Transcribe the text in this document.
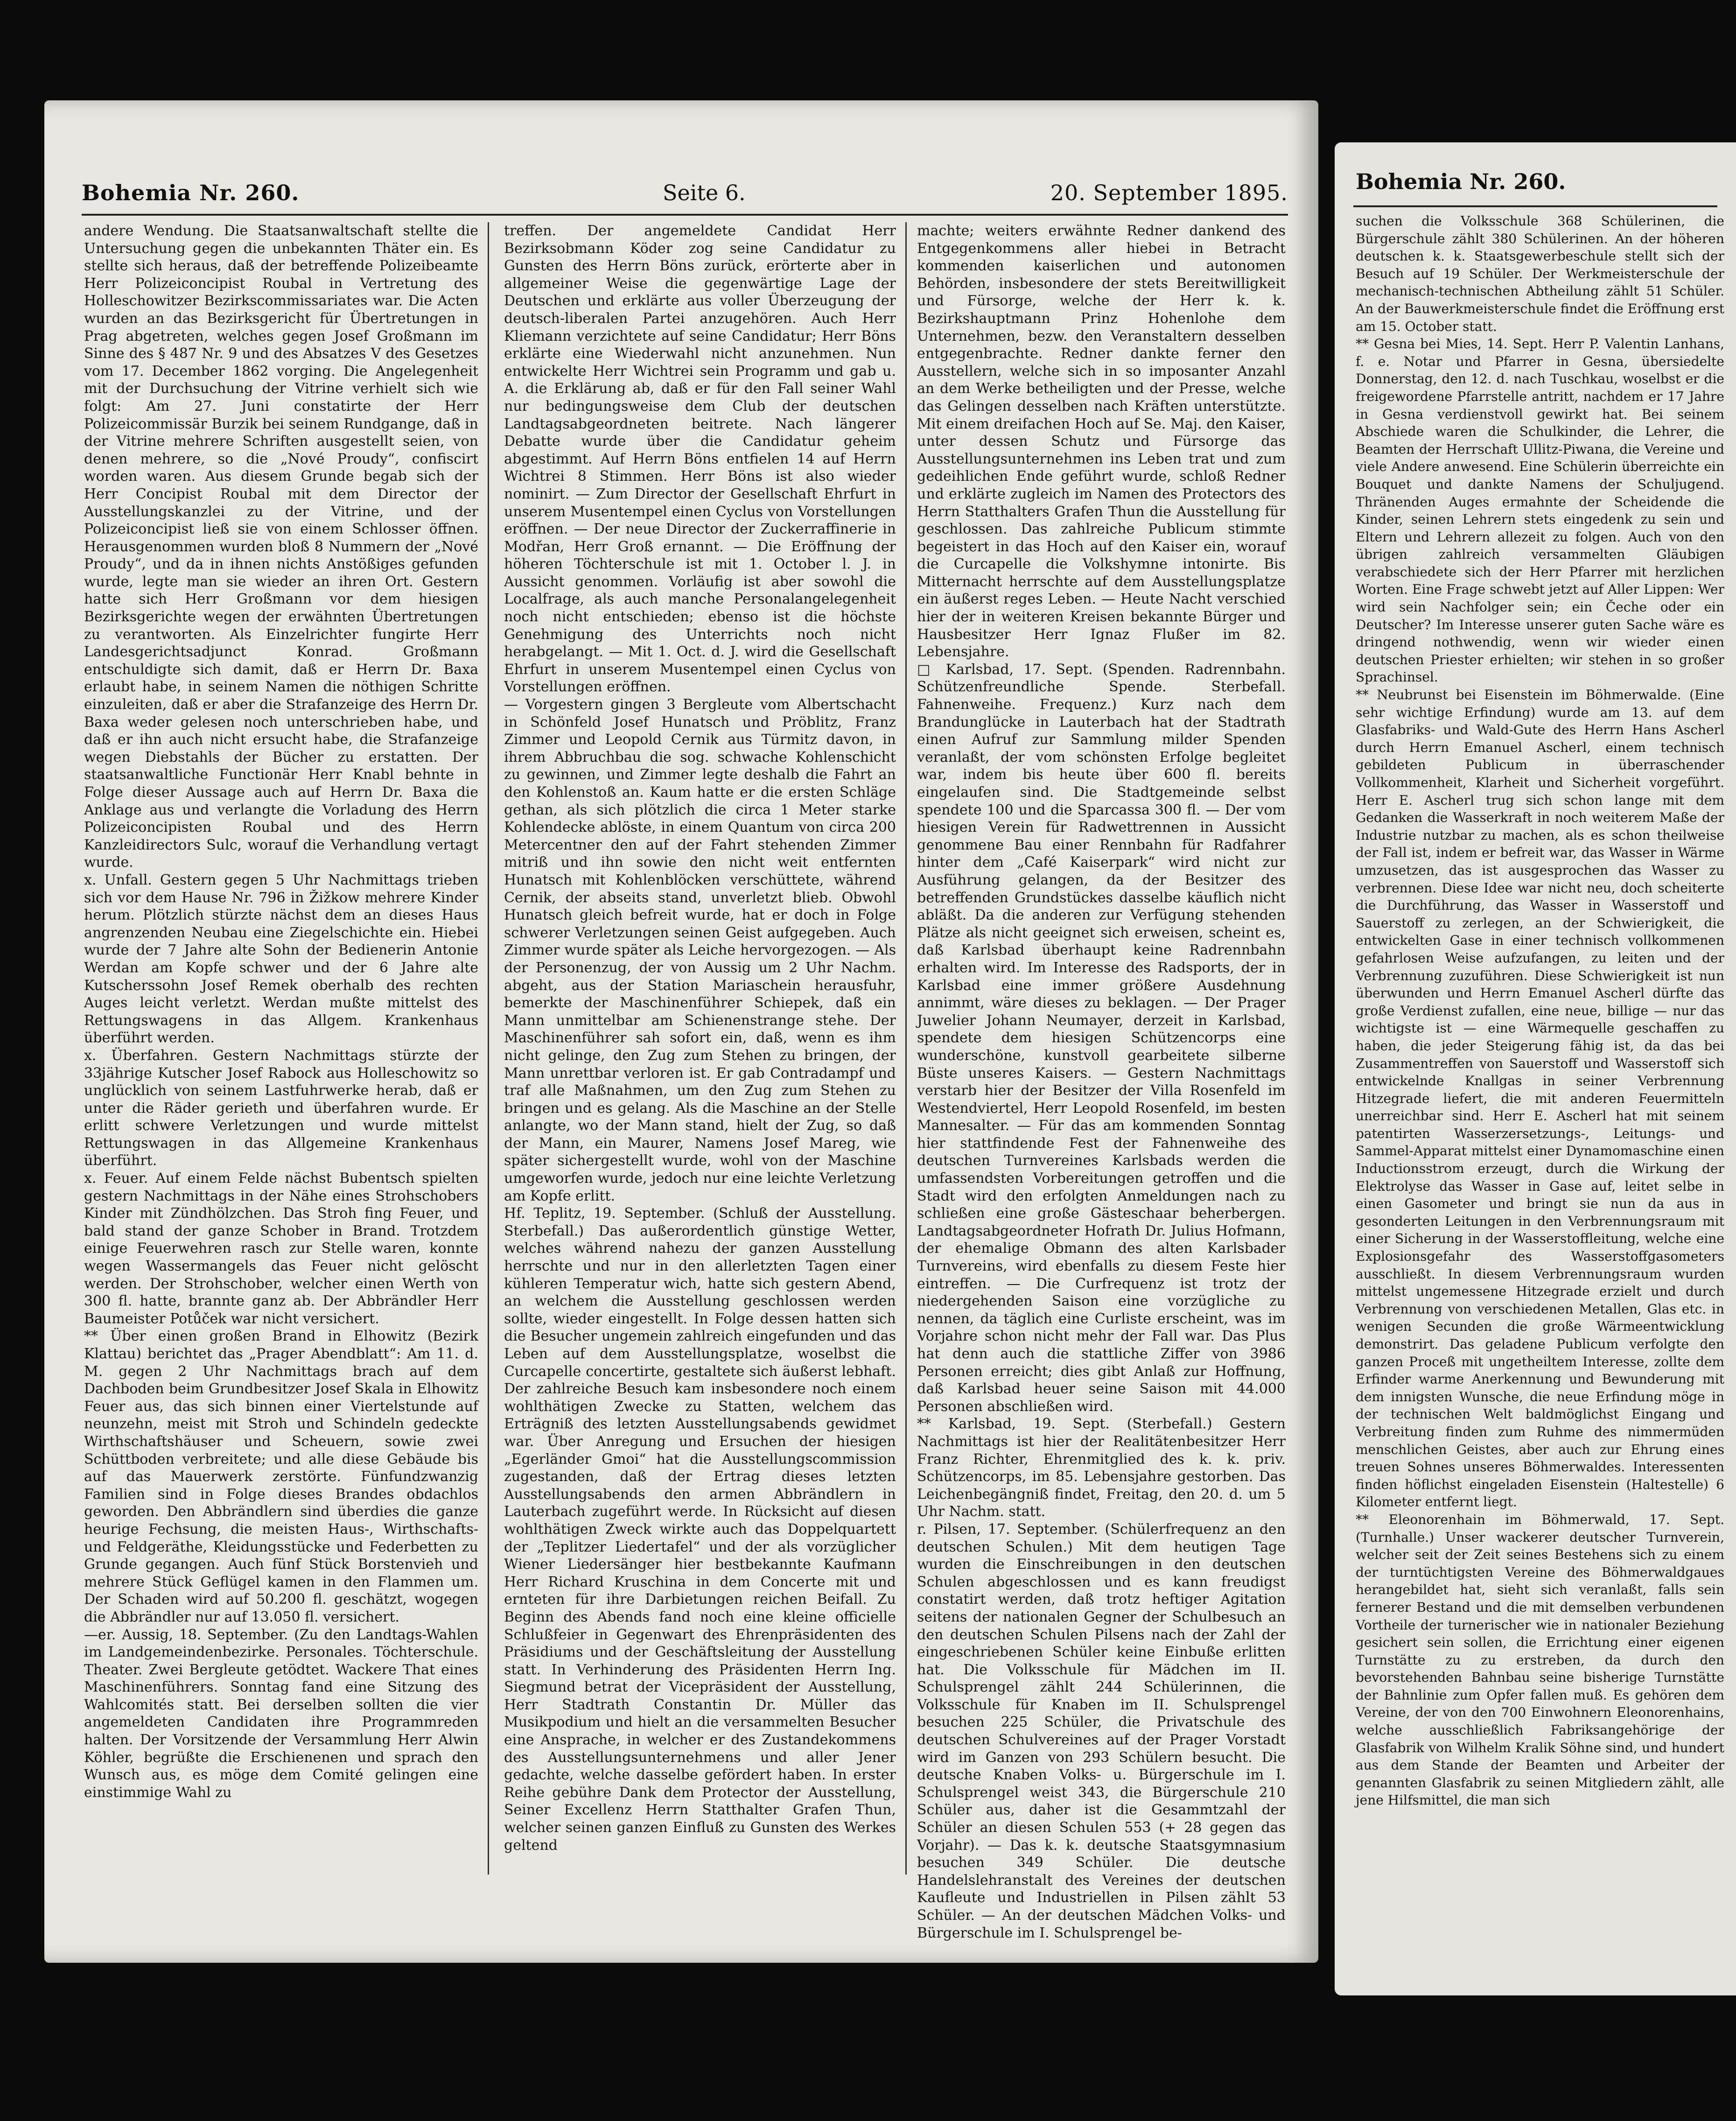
Bohemia Nr. 260.	Seite 6.	20. September 1895.	Bohemia Nr. 260.

andere Wendung. Die Staatsanwaltschaft stellte die Untersuchung gegen die unbekannten Thäter ein. Es stellte sich heraus, daß der betreffende Polizeibeamte Herr Polizeiconcipist Roubal in Vertretung des Holleschowitzer Bezirkscommissariates war. Die Acten wurden an das Bezirksgericht für Übertretungen in Prag abgetreten, welches gegen Josef Großmann im Sinne des § 487 Nr. 9 und des Absatzes V des Gesetzes vom 17. December 1862 vorging. Die Angelegenheit mit der Durchsuchung der Vitrine verhielt sich wie folgt: Am 27. Juni constatirte der Herr Polizeicommissär Burzik bei seinem Rundgange, daß in der Vitrine mehrere Schriften ausgestellt seien, von denen mehrere, so die „Nové Proudy“, confiscirt worden waren. Aus diesem Grunde begab sich der Herr Concipist Roubal mit dem Director der Ausstellungskanzlei zu der Vitrine, und der Polizeiconcipist ließ sie von einem Schlosser öffnen. Herausgenommen wurden bloß 8 Nummern der „Nové Proudy“, und da in ihnen nichts Anstößiges gefunden wurde, legte man sie wieder an ihren Ort. Gestern hatte sich Herr Großmann vor dem hiesigen Bezirksgerichte wegen der erwähnten Übertretungen zu verantworten. Als Einzelrichter fungirte Herr Landesgerichtsadjunct Konrad. Großmann entschuldigte sich damit, daß er Herrn Dr. Baxa erlaubt habe, in seinem Namen die nöthigen Schritte einzuleiten, daß er aber die Strafanzeige des Herrn Dr. Baxa weder gelesen noch unterschrieben habe, und daß er ihn auch nicht ersucht habe, die Strafanzeige wegen Diebstahls der Bücher zu erstatten. Der staatsanwaltliche Functionär Herr Knabl behnte in Folge dieser Aussage auch auf Herrn Dr. Baxa die Anklage aus und verlangte die Vorladung des Herrn Polizeiconcipisten Roubal und des Herrn Kanzleidirectors Sulc, worauf die Verhandlung vertagt wurde.

x. Unfall. Gestern gegen 5 Uhr Nachmittags trieben sich vor dem Hause Nr. 796 in Žižkow mehrere Kinder herum. Plötzlich stürzte nächst dem an dieses Haus angrenzenden Neubau eine Ziegelschichte ein. Hiebei wurde der 7 Jahre alte Sohn der Bedienerin Antonie Werdan am Kopfe schwer und der 6 Jahre alte Kutscherssohn Josef Remek oberhalb des rechten Auges leicht verletzt. Werdan mußte mittelst des Rettungswagens in das Allgem. Krankenhaus überführt werden.

x. Überfahren. Gestern Nachmittags stürzte der 33jährige Kutscher Josef Rabock aus Holleschowitz so unglücklich von seinem Lastfuhrwerke herab, daß er unter die Räder gerieth und überfahren wurde. Er erlitt schwere Verletzungen und wurde mittelst Rettungswagen in das Allgemeine Krankenhaus überführt.

x. Feuer. Auf einem Felde nächst Bubentsch spielten gestern Nachmittags in der Nähe eines Strohschobers Kinder mit Zündhölzchen. Das Stroh fing Feuer, und bald stand der ganze Schober in Brand. Trotzdem einige Feuerwehren rasch zur Stelle waren, konnte wegen Wassermangels das Feuer nicht gelöscht werden. Der Strohschober, welcher einen Werth von 300 fl. hatte, brannte ganz ab. Der Abbrändler Herr Baumeister Potůček war nicht versichert.

** Über einen großen Brand in Elhowitz (Bezirk Klattau) berichtet das „Prager Abendblatt“: Am 11. d. M. gegen 2 Uhr Nachmittags brach auf dem Dachboden beim Grundbesitzer Josef Skala in Elhowitz Feuer aus, das sich binnen einer Viertelstunde auf neunzehn, meist mit Stroh und Schindeln gedeckte Wirthschaftshäuser und Scheuern, sowie zwei Schüttboden verbreitete; und alle diese Gebäude bis auf das Mauerwerk zerstörte. Fünfundzwanzig Familien sind in Folge dieses Brandes obdachlos geworden. Den Abbrändlern sind überdies die ganze heurige Fechsung, die meisten Haus-, Wirthschafts- und Feldgeräthe, Kleidungsstücke und Federbetten zu Grunde gegangen. Auch fünf Stück Borstenvieh und mehrere Stück Geflügel kamen in den Flammen um. Der Schaden wird auf 50.200 fl. geschätzt, wogegen die Abbrändler nur auf 13.050 fl. versichert.

—er. Aussig, 18. September. (Zu den Landtags-Wahlen im Landgemeindenbezirke. Personales. Töchterschule. Theater. Zwei Bergleute getödtet. Wackere That eines Maschinenführers. Sonntag fand eine Sitzung des Wahlcomités statt. Bei derselben sollten die vier angemeldeten Candidaten ihre Programmreden halten. Der Vorsitzende der Versammlung Herr Alwin Köhler, begrüßte die Erschienenen und sprach den Wunsch aus, es möge dem Comité gelingen eine einstimmige Wahl zu

treffen. Der angemeldete Candidat Herr Bezirksobmann Köder zog seine Candidatur zu Gunsten des Herrn Böns zurück, erörterte aber in allgemeiner Weise die gegenwärtige Lage der Deutschen und erklärte aus voller Überzeugung der deutsch-liberalen Partei anzugehören. Auch Herr Kliemann verzichtete auf seine Candidatur; Herr Böns erklärte eine Wiederwahl nicht anzunehmen. Nun entwickelte Herr Wichtrei sein Programm und gab u. A. die Erklärung ab, daß er für den Fall seiner Wahl nur bedingungsweise dem Club der deutschen Landtagsabgeordneten beitrete. Nach längerer Debatte wurde über die Candidatur geheim abgestimmt. Auf Herrn Böns entfielen 14 auf Herrn Wichtrei 8 Stimmen. Herr Böns ist also wieder nominirt. — Zum Director der Gesellschaft Ehrfurt in unserem Musentempel einen Cyclus von Vorstellungen eröffnen. — Der neue Director der Zuckerraffinerie in Modřan, Herr Groß ernannt. — Die Eröffnung der höheren Töchterschule ist mit 1. October l. J. in Aussicht genommen. Vorläufig ist aber sowohl die Localfrage, als auch manche Personalangelegenheit noch nicht entschieden; ebenso ist die höchste Genehmigung des Unterrichts noch nicht herabgelangt. — Mit 1. Oct. d. J. wird die Gesellschaft Ehrfurt in unserem Musentempel einen Cyclus von Vorstellungen eröffnen.

— Vorgestern gingen 3 Bergleute vom Albertschacht in Schönfeld Josef Hunatsch und Pröblitz, Franz Zimmer und Leopold Cernik aus Türmitz davon, in ihrem Abbruchbau die sog. schwache Kohlenschicht zu gewinnen, und Zimmer legte deshalb die Fahrt an den Kohlenstoß an. Kaum hatte er die ersten Schläge gethan, als sich plötzlich die circa 1 Meter starke Kohlendecke ablöste, in einem Quantum von circa 200 Metercentner den auf der Fahrt stehenden Zimmer mitriß und ihn sowie den nicht weit entfernten Hunatsch mit Kohlenblöcken verschüttete, während Cernik, der abseits stand, unverletzt blieb. Obwohl Hunatsch gleich befreit wurde, hat er doch in Folge schwerer Verletzungen seinen Geist aufgegeben. Auch Zimmer wurde später als Leiche hervorgezogen. — Als der Personenzug, der von Aussig um 2 Uhr Nachm. abgeht, aus der Station Mariaschein herausfuhr, bemerkte der Maschinenführer Schiepek, daß ein Mann unmittelbar am Schienenstrange stehe. Der Maschinenführer sah sofort ein, daß, wenn es ihm nicht gelinge, den Zug zum Stehen zu bringen, der Mann unrettbar verloren ist. Er gab Contradampf und traf alle Maßnahmen, um den Zug zum Stehen zu bringen und es gelang. Als die Maschine an der Stelle anlangte, wo der Mann stand, hielt der Zug, so daß der Mann, ein Maurer, Namens Josef Mareg, wie später sichergestellt wurde, wohl von der Maschine umgeworfen wurde, jedoch nur eine leichte Verletzung am Kopfe erlitt.

Hf. Teplitz, 19. September. (Schluß der Ausstellung. Sterbefall.) Das außerordentlich günstige Wetter, welches während nahezu der ganzen Ausstellung herrschte und nur in den allerletzten Tagen einer kühleren Temperatur wich, hatte sich gestern Abend, an welchem die Ausstellung geschlossen werden sollte, wieder eingestellt. In Folge dessen hatten sich die Besucher ungemein zahlreich eingefunden und das Leben auf dem Ausstellungsplatze, woselbst die Curcapelle concertirte, gestaltete sich äußerst lebhaft. Der zahlreiche Besuch kam insbesondere noch einem wohlthätigen Zwecke zu Statten, welchem das Erträgniß des letzten Ausstellungsabends gewidmet war. Über Anregung und Ersuchen der hiesigen „Egerländer Gmoi“ hat die Ausstellungscommission zugestanden, daß der Ertrag dieses letzten Ausstellungsabends den armen Abbrändlern in Lauterbach zugeführt werde. In Rücksicht auf diesen wohlthätigen Zweck wirkte auch das Doppelquartett der „Teplitzer Liedertafel“ und der als vorzüglicher Wiener Liedersänger hier bestbekannte Kaufmann Herr Richard Kruschina in dem Concerte mit und ernteten für ihre Darbietungen reichen Beifall. Zu Beginn des Abends fand noch eine kleine officielle Schlußfeier in Gegenwart des Ehrenpräsidenten des Präsidiums und der Geschäftsleitung der Ausstellung statt. In Verhinderung des Präsidenten Herrn Ing. Siegmund betrat der Vicepräsident der Ausstellung, Herr Stadtrath Constantin Dr. Müller das Musikpodium und hielt an die versammelten Besucher eine Ansprache, in welcher er des Zustandekommens des Ausstellungsunternehmens und aller Jener gedachte, welche dasselbe gefördert haben. In erster Reihe gebühre Dank dem Protector der Ausstellung, Seiner Excellenz Herrn Statthalter Grafen Thun, welcher seinen ganzen Einfluß zu Gunsten des Werkes geltend

machte; weiters erwähnte Redner dankend des Entgegenkommens aller hiebei in Betracht kommenden kaiserlichen und autonomen Behörden, insbesondere der stets Bereitwilligkeit und Fürsorge, welche der Herr k. k. Bezirkshauptmann Prinz Hohenlohe dem Unternehmen, bezw. den Veranstaltern desselben entgegenbrachte. Redner dankte ferner den Ausstellern, welche sich in so imposanter Anzahl an dem Werke betheiligten und der Presse, welche das Gelingen desselben nach Kräften unterstützte. Mit einem dreifachen Hoch auf Se. Maj. den Kaiser, unter dessen Schutz und Fürsorge das Ausstellungsunternehmen ins Leben trat und zum gedeihlichen Ende geführt wurde, schloß Redner und erklärte zugleich im Namen des Protectors des Herrn Statthalters Grafen Thun die Ausstellung für geschlossen. Das zahlreiche Publicum stimmte begeistert in das Hoch auf den Kaiser ein, worauf die Curcapelle die Volkshymne intonirte. Bis Mitternacht herrschte auf dem Ausstellungsplatze ein äußerst reges Leben. — Heute Nacht verschied hier der in weiteren Kreisen bekannte Bürger und Hausbesitzer Herr Ignaz Flußer im 82. Lebensjahre.

□ Karlsbad, 17. Sept. (Spenden. Radrennbahn. Schützenfreundliche Spende. Sterbefall. Fahnenweihe. Frequenz.) Kurz nach dem Brandunglücke in Lauterbach hat der Stadtrath einen Aufruf zur Sammlung milder Spenden veranlaßt, der vom schönsten Erfolge begleitet war, indem bis heute über 600 fl. bereits eingelaufen sind. Die Stadtgemeinde selbst spendete 100 und die Sparcassa 300 fl. — Der vom hiesigen Verein für Radwettrennen in Aussicht genommene Bau einer Rennbahn für Radfahrer hinter dem „Café Kaiserpark“ wird nicht zur Ausführung gelangen, da der Besitzer des betreffenden Grundstückes dasselbe käuflich nicht abläßt. Da die anderen zur Verfügung stehenden Plätze als nicht geeignet sich erweisen, scheint es, daß Karlsbad überhaupt keine Radrennbahn erhalten wird. Im Interesse des Radsports, der in Karlsbad eine immer größere Ausdehnung annimmt, wäre dieses zu beklagen. — Der Prager Juwelier Johann Neumayer, derzeit in Karlsbad, spendete dem hiesigen Schützencorps eine wunderschöne, kunstvoll gearbeitete silberne Büste unseres Kaisers. — Gestern Nachmittags verstarb hier der Besitzer der Villa Rosenfeld im Westendviertel, Herr Leopold Rosenfeld, im besten Mannesalter. — Für das am kommenden Sonntag hier stattfindende Fest der Fahnenweihe des deutschen Turnvereines Karlsbads werden die umfassendsten Vorbereitungen getroffen und die Stadt wird den erfolgten Anmeldungen nach zu schließen eine große Gästeschaar beherbergen. Landtagsabgeordneter Hofrath Dr. Julius Hofmann, der ehemalige Obmann des alten Karlsbader Turnvereins, wird ebenfalls zu diesem Feste hier eintreffen. — Die Curfrequenz ist trotz der niedergehenden Saison eine vorzügliche zu nennen, da täglich eine Curliste erscheint, was im Vorjahre schon nicht mehr der Fall war. Das Plus hat denn auch die stattliche Ziffer von 3986 Personen erreicht; dies gibt Anlaß zur Hoffnung, daß Karlsbad heuer seine Saison mit 44.000 Personen abschließen wird.

** Karlsbad, 19. Sept. (Sterbefall.) Gestern Nachmittags ist hier der Realitätenbesitzer Herr Franz Richter, Ehrenmitglied des k. k. priv. Schützencorps, im 85. Lebensjahre gestorben. Das Leichenbegängniß findet, Freitag, den 20. d. um 5 Uhr Nachm. statt.

r. Pilsen, 17. September. (Schülerfrequenz an den deutschen Schulen.) Mit dem heutigen Tage wurden die Einschreibungen in den deutschen Schulen abgeschlossen und es kann freudigst constatirt werden, daß trotz heftiger Agitation seitens der nationalen Gegner der Schulbesuch an den deutschen Schulen Pilsens nach der Zahl der eingeschriebenen Schüler keine Einbuße erlitten hat. Die Volksschule für Mädchen im II. Schulsprengel zählt 244 Schülerinnen, die Volksschule für Knaben im II. Schulsprengel besuchen 225 Schüler, die Privatschule des deutschen Schulvereines auf der Prager Vorstadt wird im Ganzen von 293 Schülern besucht. Die deutsche Knaben Volks- u. Bürgerschule im I. Schulsprengel weist 343, die Bürgerschule 210 Schüler aus, daher ist die Gesammtzahl der Schüler an diesen Schulen 553 (+ 28 gegen das Vorjahr). — Das k. k. deutsche Staatsgymnasium besuchen 349 Schüler. Die deutsche Handelslehranstalt des Vereines der deutschen Kaufleute und Industriellen in Pilsen zählt 53 Schüler. — An der deutschen Mädchen Volks- und Bürgerschule im I. Schulsprengel be-

suchen die Volksschule 368 Schülerinen, die Bürgerschule zählt 380 Schülerinen. An der höheren deutschen k. k. Staatsgewerbeschule stellt sich der Besuch auf 19 Schüler. Der Werkmeisterschule der mechanisch-technischen Abtheilung zählt 51 Schüler. An der Bauwerkmeisterschule findet die Eröffnung erst am 15. October statt.

** Gesna bei Mies, 14. Sept. Herr P. Valentin Lanhans, f. e. Notar und Pfarrer in Gesna, übersiedelte Donnerstag, den 12. d. nach Tuschkau, woselbst er die freigewordene Pfarrstelle antritt, nachdem er 17 Jahre in Gesna verdienstvoll gewirkt hat. Bei seinem Abschiede waren die Schulkinder, die Lehrer, die Beamten der Herrschaft Ullitz-Piwana, die Vereine und viele Andere anwesend. Eine Schülerin überreichte ein Bouquet und dankte Namens der Schuljugend. Thränenden Auges ermahnte der Scheidende die Kinder, seinen Lehrern stets eingedenk zu sein und Eltern und Lehrern allezeit zu folgen. Auch von den übrigen zahlreich versammelten Gläubigen verabschiedete sich der Herr Pfarrer mit herzlichen Worten. Eine Frage schwebt jetzt auf Aller Lippen: Wer wird sein Nachfolger sein; ein Čeche oder ein Deutscher? Im Interesse unserer guten Sache wäre es dringend nothwendig, wenn wir wieder einen deutschen Priester erhielten; wir stehen in so großer Sprachinsel.

** Neubrunst bei Eisenstein im Böhmerwalde. (Eine sehr wichtige Erfindung) wurde am 13. auf dem Glasfabriks- und Wald-Gute des Herrn Hans Ascherl durch Herrn Emanuel Ascherl, einem technisch gebildeten Publicum in überraschender Vollkommenheit, Klarheit und Sicherheit vorgeführt. Herr E. Ascherl trug sich schon lange mit dem Gedanken die Wasserkraft in noch weiterem Maße der Industrie nutzbar zu machen, als es schon theilweise der Fall ist, indem er befreit war, das Wasser in Wärme umzusetzen, das ist ausgesprochen das Wasser zu verbrennen. Diese Idee war nicht neu, doch scheiterte die Durchführung, das Wasser in Wasserstoff und Sauerstoff zu zerlegen, an der Schwierigkeit, die entwickelten Gase in einer technisch vollkommenen gefahrlosen Weise aufzufangen, zu leiten und der Verbrennung zuzuführen. Diese Schwierigkeit ist nun überwunden und Herrn Emanuel Ascherl dürfte das große Verdienst zufallen, eine neue, billige — nur das wichtigste ist — eine Wärmequelle geschaffen zu haben, die jeder Steigerung fähig ist, da das bei Zusammentreffen von Sauerstoff und Wasserstoff sich entwickelnde Knallgas in seiner Verbrennung Hitzegrade liefert, die mit anderen Feuermitteln unerreichbar sind. Herr E. Ascherl hat mit seinem patentirten Wasserzersetzungs-, Leitungs- und Sammel-Apparat mittelst einer Dynamomaschine einen Inductionsstrom erzeugt, durch die Wirkung der Elektrolyse das Wasser in Gase auf, leitet selbe in einen Gasometer und bringt sie nun da aus in gesonderten Leitungen in den Verbrennungsraum mit einer Sicherung in der Wasserstoffleitung, welche eine Explosionsgefahr des Wasserstoffgasometers ausschließt. In diesem Verbrennungsraum wurden mittelst ungemessene Hitzegrade erzielt und durch Verbrennung von verschiedenen Metallen, Glas etc. in wenigen Secunden die große Wärmeentwicklung demonstrirt. Das geladene Publicum verfolgte den ganzen Proceß mit ungetheiltem Interesse, zollte dem Erfinder warme Anerkennung und Bewunderung mit dem innigsten Wunsche, die neue Erfindung möge in der technischen Welt baldmöglichst Eingang und Verbreitung finden zum Ruhme des nimmermüden menschlichen Geistes, aber auch zur Ehrung eines treuen Sohnes unseres Böhmerwaldes. Interessenten finden höflichst eingeladen Eisenstein (Haltestelle) 6 Kilometer entfernt liegt.

** Eleonorenhain im Böhmerwald, 17. Sept. (Turnhalle.) Unser wackerer deutscher Turnverein, welcher seit der Zeit seines Bestehens sich zu einem der turntüchtigsten Vereine des Böhmerwaldgaues herangebildet hat, sieht sich veranlaßt, falls sein fernerer Bestand und die mit demselben verbundenen Vortheile der turnerischer wie in nationaler Beziehung gesichert sein sollen, die Errichtung einer eigenen Turnstätte zu zu erstreben, da durch den bevorstehenden Bahnbau seine bisherige Turnstätte der Bahnlinie zum Opfer fallen muß. Es gehören dem Vereine, der von den 700 Einwohnern Eleonorenhains, welche ausschließlich Fabriksangehörige der Glasfabrik von Wilhelm Kralik Söhne sind, und hundert aus dem Stande der Beamten und Arbeiter der genannten Glasfabrik zu seinen Mitgliedern zählt, alle jene Hilfsmittel, die man sich
